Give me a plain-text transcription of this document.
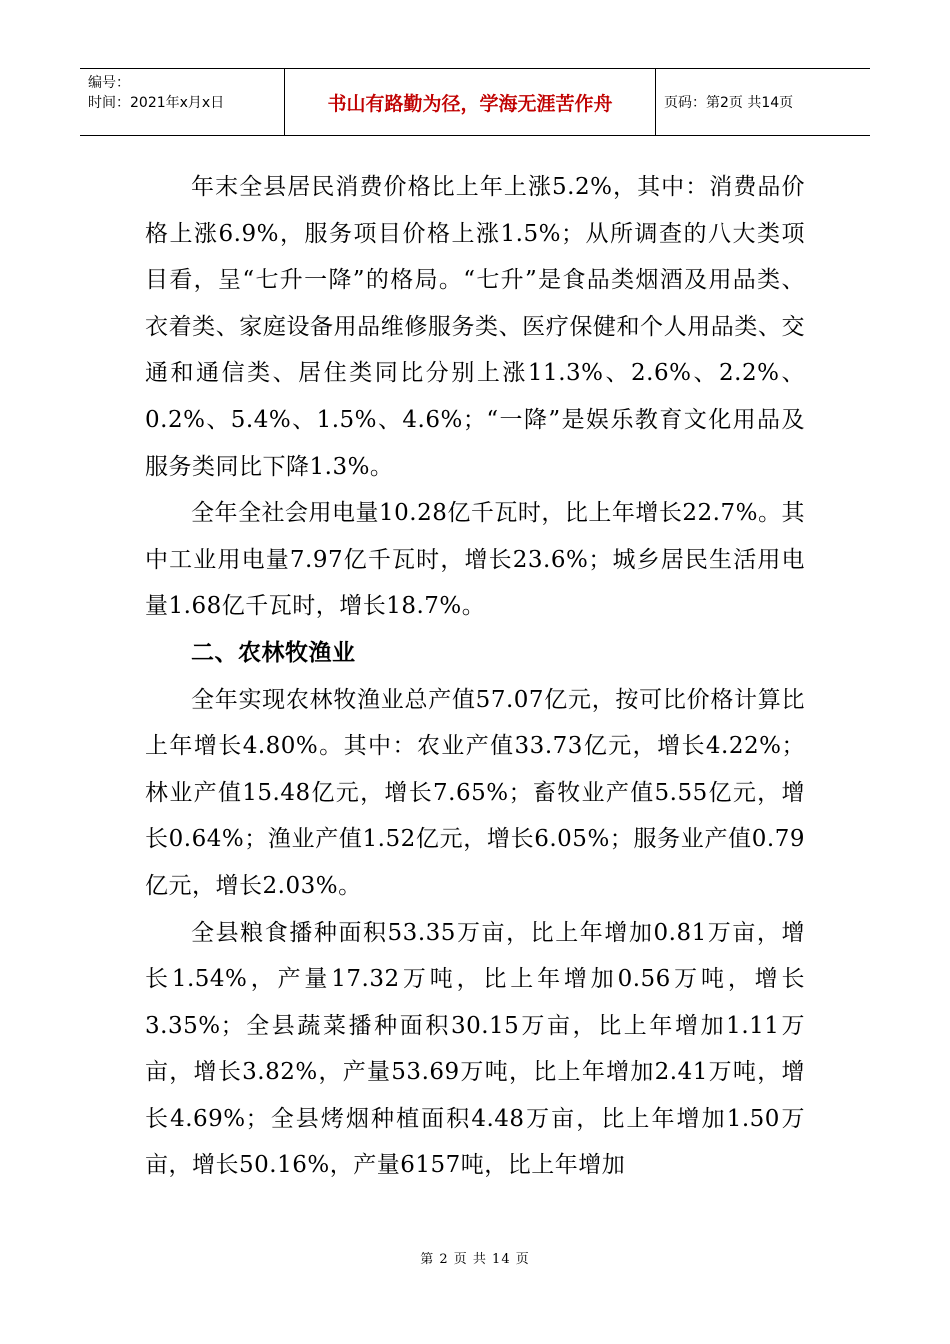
编号：
时间：2021年x月x日	书山有路勤为径，学海无涯苦作舟	页码：第2页 共14页

年末全县居民消费价格比上年上涨5.2%，其中：消费品价格上涨6.9%，服务项目价格上涨1.5%；从所调查的八大类项目看，呈“七升一降”的格局。“七升”是食品类烟酒及用品类、衣着类、家庭设备用品维修服务类、医疗保健和个人用品类、交通和通信类、居住类同比分别上涨11.3%、2.6%、2.2%、0.2%、5.4%、1.5%、4.6%；“一降”是娱乐教育文化用品及服务类同比下降1.3%。

全年全社会用电量10.28亿千瓦时，比上年增长22.7%。其中工业用电量7.97亿千瓦时，增长23.6%；城乡居民生活用电量1.68亿千瓦时，增长18.7%。

二、农林牧渔业

全年实现农林牧渔业总产值57.07亿元，按可比价格计算比上年增长4.80%。其中：农业产值33.73亿元，增长4.22%；林业产值15.48亿元，增长7.65%；畜牧业产值5.55亿元，增长0.64%；渔业产值1.52亿元，增长6.05%；服务业产值0.79亿元，增长2.03%。

全县粮食播种面积53.35万亩，比上年增加0.81万亩，增长1.54%，产量17.32万吨，比上年增加0.56万吨，增长3.35%；全县蔬菜播种面积30.15万亩，比上年增加1.11万亩，增长3.82%，产量53.69万吨，比上年增加2.41万吨，增长4.69%；全县烤烟种植面积4.48万亩，比上年增加1.50万亩，增长50.16%，产量6157吨，比上年增加

第 2 页 共 14 页
